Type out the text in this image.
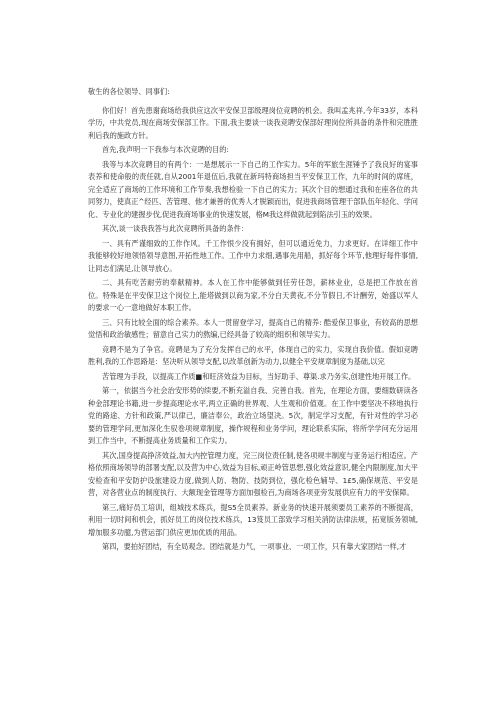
敬生的各位领导、同事们:

你们好！首先患谢商场给我供应这次平安保卫部级理岗位竞聘的机会。我叫孟兆祥,今年33岁，本科学历，中共党员,现在商场安保部工作。下面,我主要谈一谈我竞聘安保部好理岗位所具备的条件和完胜胜利后我的施政方针。

首先,我声明一下我参与本次竞聘的目的:

我等与本次竞聘目的有两个：一是想展示一下自己的工作实力。5年的军旅生涯锤予了我良好的宴事表养和使命般的责任就,自从2001年退伍后,我就在新玛特商场担当平安保卫工作，九年的时间的席班，完全适应了商场的工作环境和工作节奏,我想检验一下自己的实力；其次个目的想通过我和在座各位的共同努力，使真正^经匹、苦管理、他才兼善的优秀人才脱颖而出，促进我商场管理干部队伍年轻化、学问化、专业化的建握步伐,促进我商场事业的快速发展，格M我这样做就起到陷法引玉的效果。

其次,谈一谈我我答与此次竞聘所具备的条件：

一、具有严谨细致的工作作风。千工作恨少没有拥好，但可以通近免力，力求更好。在详细工作中我能够较好地领悟领导意图,开拓性地工作。工作中力求细,遇事先用船，抓好每个环节,他理好每件事情,让同志们满足,让领导放心。

二、具有吃苦耐劳的奉献精神。本人在工作中能够做到任劳任怨，薪林业业，总是把工作放在首位。特殊是在平安保卫这个岗位上,能塔做到以商为家,不分白天黄夜,不分节假日,不计酬劳，始盛以军人的要求一心一意地做好本职工作。

三、只有比较全面的综合素养。本人一贯留登学习，提高自己的精养: 酷爱保卫事业，有较高的思想觉悟和政治敏感性；留意自己实力的熬编,已经具备了较高的组织和领导实力。

竞聘不是为了争官。竞聘是为了充分发挥自己的水平，体现自己的实力，实现自我价值。假如竞聘胜利,我的工作思路是：坚决听从领导支配,以改革创新为动力,以健全平安规章制度为基础,以完

苦管理为手段，以提高工作质■和旺济效益为目标，当好助手、尊渠.求乃务实,创建性地开展工作。

第一，依据当今社会治安形势的续要,不断充溢自我、完善自我。首先，在理论方面，要细数研读各种金部理论书籍,进一步提高理论水平,两立正确的世界观、人生观和价值观。在工作中要坚决不移地执行党的路途、方针和政策,严以律己，廉洁奉公，政治立场望决。5次，制定学习支配，有针对性的学习必要的管理学问,更加深化生驭卷项规章制度，操作规程和业务学问，理论联系实际，将所学学问充分运用到工作当中，不断提高业务质量和工作实力。

其次,国身提高挣济效益,加大内控管理力度，完三岗位责任制,使各项规丰制度与亚务运行相适应。产格依照商场领导的部署支配,以及营为中心,效益为目标,顽正岭管思想,强化效益意识,健全内限制度,加大平安检查和平安防护设旅建设力度,做到人防、物防、技防到位，强化检色辅导、1£5,确保规范、平安是营，对各营业点的制度执行、大额现金管理等方面加强检百,为商场各项亚旁发展供应有力的平安保障。

第三,痛好员工培训，组城技术练兵，提S5全员素养。新业务的快速开展须要员工素养的不断提高，利用一切时间和机会，抓好员工的岗位技术练兵，13笈员工部致学习相关消防法律法规，拓宽版务领城,增加服多功臆,为营运部门供应更加优质的用品。

第四，要拍好团结，有全局观念。团结就是力气，一项事业、一项工作，只有靠大家团结一样,才
